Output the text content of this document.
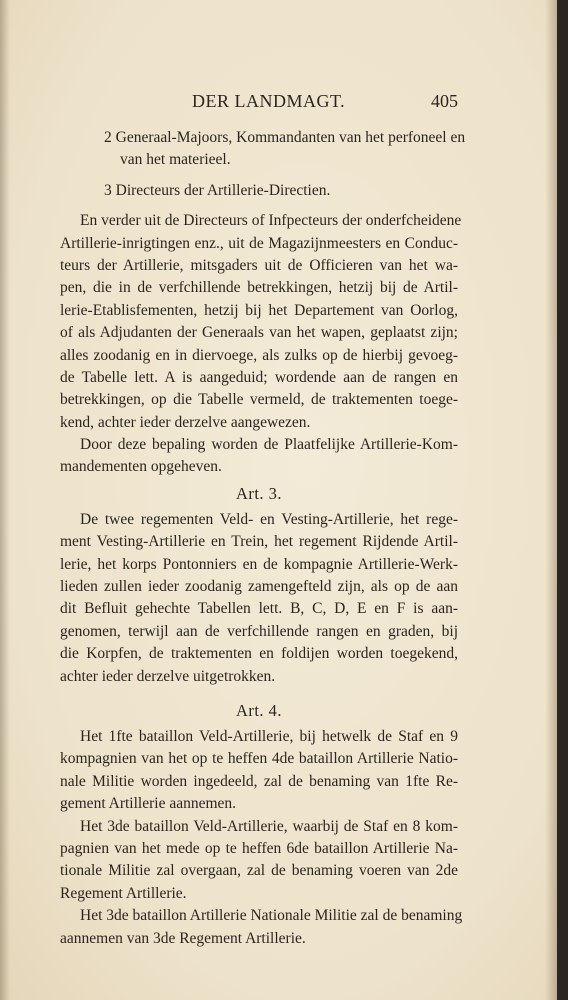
DER LANDMAGT.	405
2 Generaal-Majoors, Kommandanten van het perfoneel en
van het materieel.
3 Directeurs der Artillerie-Directien.
En verder uit de Directeurs of Infpecteurs der onderfcheidene
Artillerie-inrigtingen enz., uit de Magazijnmeesters en Conduc-
teurs der Artillerie, mitsgaders uit de Officieren van het wa-
pen, die in de verfchillende betrekkingen, hetzij bij de Artil-
lerie-Etablisfementen, hetzij bij het Departement van Oorlog,
of als Adjudanten der Generaals van het wapen, geplaatst zijn;
alles zoodanig en in diervoege, als zulks op de hierbij gevoeg-
de Tabelle lett. A is aangeduid; wordende aan de rangen en
betrekkingen, op die Tabelle vermeld, de traktementen toege-
kend, achter ieder derzelve aangewezen.
Door deze bepaling worden de Plaatfelijke Artillerie-Kom-
mandementen opgeheven.
Art. 3.
De twee regementen Veld- en Vesting-Artillerie, het rege-
ment Vesting-Artillerie en Trein, het regement Rijdende Artil-
lerie, het korps Pontonniers en de kompagnie Artillerie-Werk-
lieden zullen ieder zoodanig zamengefteld zijn, als op de aan
dit Befluit gehechte Tabellen lett. B, C, D, E en F is aan-
genomen, terwijl aan de verfchillende rangen en graden, bij
die Korpfen, de traktementen en foldijen worden toegekend,
achter ieder derzelve uitgetrokken.
Art. 4.
Het 1fte bataillon Veld-Artillerie, bij hetwelk de Staf en 9
kompagnien van het op te heffen 4de bataillon Artillerie Natio-
nale Militie worden ingedeeld, zal de benaming van 1fte Re-
gement Artillerie aannemen.
Het 3de bataillon Veld-Artillerie, waarbij de Staf en 8 kom-
pagnien van het mede op te heffen 6de bataillon Artillerie Na-
tionale Militie zal overgaan, zal de benaming voeren van 2de
Regement Artillerie.
Het 3de bataillon Artillerie Nationale Militie zal de benaming
aannemen van 3de Regement Artillerie.
